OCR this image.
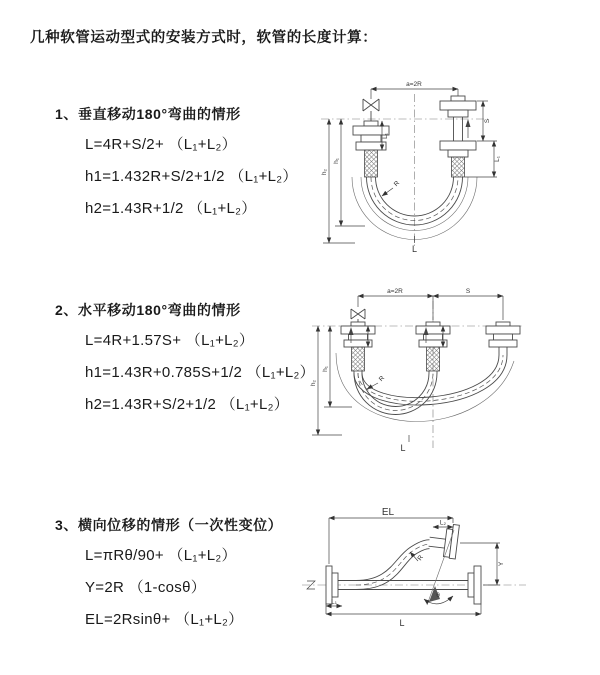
几种软管运动型式的安装方式时，软管的长度计算：
1、垂直移动180°弯曲的情形
L=4R+S/2+ （L₁+L₂）
h1=1.432R+S/2+1/2 （L₁+L₂）
h2=1.43R+1/2 （L₁+L₂）
2、水平移动180°弯曲的情形
L=4R+1.57S+ （L₁+L₂）
h1=1.43R+0.785S+1/2 （L₁+L₂）
h2=1.43R+S/2+1/2 （L₁+L₂）
3、横向位移的情形（一次性变位）
L=πRθ/90+ （L₁+L₂）
Y=2R （1-cosθ）
EL=2Rsinθ+ （L₁+L₂）
a=2R
L
h₂
h₁
L₁
S
L₁
R
a=2R	S
L
h₂
h₁
R
θ
EL
L₂
Y
L
L₁
R
